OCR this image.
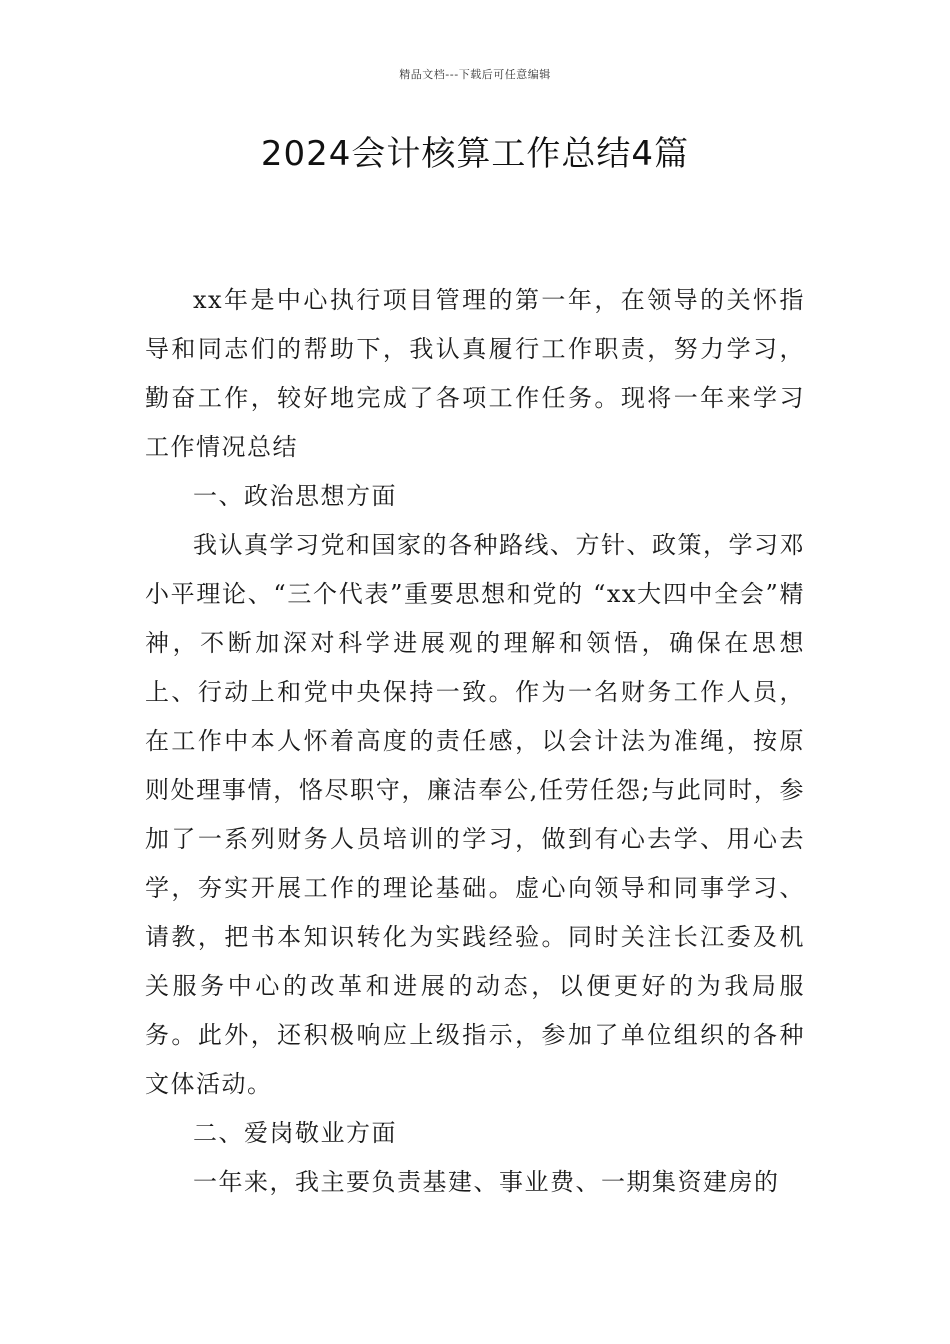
精品文档---下载后可任意编辑
2024会计核算工作总结4篇

xx年是中心执行项目管理的第一年，在领导的关怀指导和同志们的帮助下，我认真履行工作职责，努力学习，勤奋工作，较好地完成了各项工作任务。现将一年来学习工作情况总结

一、政治思想方面

我认真学习党和国家的各种路线、方针、政策，学习邓小平理论、“三个代表”重要思想和党的 “xx大四中全会”精神，不断加深对科学进展观的理解和领悟，确保在思想上、行动上和党中央保持一致。作为一名财务工作人员，在工作中本人怀着高度的责任感，以会计法为准绳，按原则处理事情，恪尽职守，廉洁奉公,任劳任怨;与此同时，参加了一系列财务人员培训的学习，做到有心去学、用心去学，夯实开展工作的理论基础。虚心向领导和同事学习、请教，把书本知识转化为实践经验。同时关注长江委及机关服务中心的改革和进展的动态，以便更好的为我局服务。此外，还积极响应上级指示，参加了单位组织的各种文体活动。

二、爱岗敬业方面

一年来，我主要负责基建、事业费、一期集资建房的
